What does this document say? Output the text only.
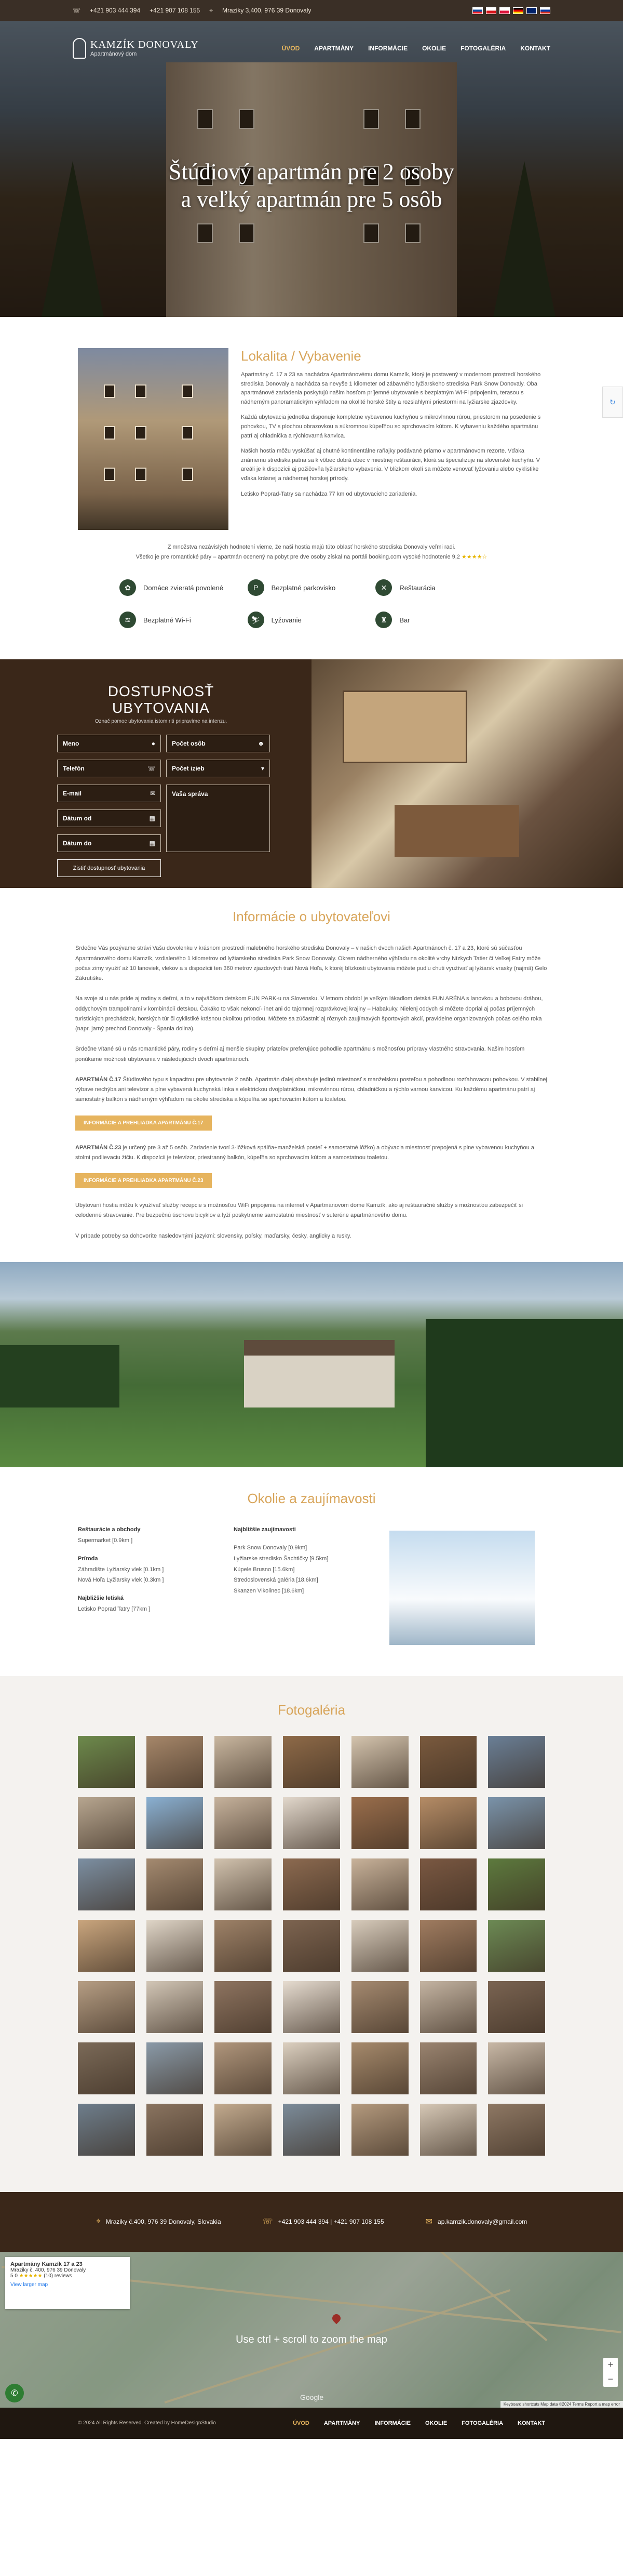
☏ +421 903 444 394 +421 907 108 155 ⌖ Mraziky 3,400, 976 39 Donovaly
KAMZÍK DONOVALY
Apartmánový dom
ÚVOD APARTMÁNY INFORMÁCIE OKOLIE FOTOGALÉRIA KONTAKT
Štúdiový apartmán pre 2 osoby
a veľký apartmán pre 5 osôb
↻
Lokalita / Vybavenie

Apartmány č. 17 a 23 sa nachádza Apartmánovému domu Kamzík, ktorý je postavený v modernom prostredí horského strediska Donovaly a nachádza sa nevyše 1 kilometer od zábavného lyžiarskeho strediska Park Snow Donovaly. Oba apartmánové zariadenia poskytujú našim hosťom príjemné ubytovanie s bezplatným Wi-Fi pripojením, terasou s nádherným panoramatickým výhľadom na okolité horské štíty a rozsiahlymi priestormi na lyžiarske zjazdovky.

Každá ubytovacia jednotka disponuje kompletne vybavenou kuchyňou s mikrovlnnou rúrou, priestorom na posedenie s pohovkou, TV s plochou obrazovkou a súkromnou kúpeľňou so sprchovacím kútom. K vybaveniu každého apartmánu patrí aj chladnička a rýchlovarná kanvica.

Našich hostia môžu vyskúšať aj chutné kontinentálne raňajky podávané priamo v apartmánovom rezorte. Vďaka známemu strediska patria sa k vôbec dobrá obec v miestnej reštaurácii, ktorá sa špecializuje na slovenské kuchyňu. V areáli je k dispozícii aj požičovňa lyžiarskeho vybavenia. V blízkom okolí sa môžete venovať lyžovaniu alebo cyklistike vďaka krásnej a nádhernej horskej prírody.

Letisko Poprad-Tatry sa nachádza 77 km od ubytovacieho zariadenia.

Z množstva nezávislých hodnotení vieme, že naši hostia majú túto oblasť horského strediska Donovaly veľmi radi.
Všetko je pre romantické páry – apartmán ocenený na pobyt pre dve osoby získal na portáli booking.com vysoké hodnotenie 9,2 ★★★★☆
✿	Domáce zvieratá povolené	P	Bezplatné parkovisko	✕	Reštaurácia
≋	Bezplatné Wi-Fi	⛷	Lyžovanie	♜	Bar
DOSTUPNOSŤ UBYTOVANIA
Označ pomoc ubytovania istom riti pripravíme na intenzu.
Meno	●	Počet osôb	☻
Telefón	☏	Počet izieb	▾
E-mail	✉	Vaša správa
Dátum od	▦
Dátum do	▦
Zistiť dostupnosť ubytovania
Informácie o ubytovateľovi

Srdečne Vás pozývame strávi Vašu dovolenku v krásnom prostredí malebného horského strediska Donovaly – v našich dvoch našich Apartmánoch č. 17 a 23, ktoré sú súčasťou Apartmánového domu Kamzík, vzdialeného 1 kilometrov od lyžiarskeho strediska Park Snow Donovaly. Okrem nádherného výhľadu na okolité vrchy Nízkych Tatier či Veľkej Fatry môže počas zimy využiť až 10 lanoviek, vlekov a s dispozícii ten 360 metrov zjazdových tratí Nová Hoľa, k ktoréj blízkosti ubytovania môžete pudlu chuti využívať aj lyžiarsk vrasky (najmä) Gelo Zákrutiške.

Na svoje si u nás príde aj rodiny s deťmi, a to v najväčšom detskom FUN PARK-u na Slovensku. V letnom období je veľkým lákadlom detská FUN ARÉNA s lanovkou a bobovou dráhou, oddychovým trampolínami v kombinácií detskou. Čakáko to však nekoncí- inet ani do tajomnej rozprávkovej krajiny – Habakuky. Nielenj oddych si môžete doprial aj počas príjemných turistických prechádzok, horských túr či cyklistiké krásnou okolitou prírodou. Môžete sa zúčastniť aj rôznych zaujímavých športových akcií, pravidelne organizovaných počas celého roka (napr. jarný prechod Donovaly - Špania dolina).

Srdečne vítané sú u nás romantické páry, rodiny s deťmi aj menšie skupiny priateľov preferujúce pohodlie apartmánu s možnosťou prípravy vlastného stravovania. Našim hosťom ponúkame možnosti ubytovania v následujúcich dvoch apartmánoch.

APARTMÁN Č.17 Štúdiového typu s kapacitou pre ubytovanie 2 osôb. Apartmán ďalej obsahuje jedinú miestnosť s manželskou posteľou a pohodlnou rozťahovacou pohovkou. V stabilnej výbave nechýba ani televízor a plne vybavená kuchynská linka s elektrickou dvojplatničkou, mikrovlnnou rúrou, chladničkou a rýchlo varnou kanvicou. Ku každému apartmánu patrí aj samostatný balkón s nádherným výhľadom na okolie strediska a kúpeľňa so sprchovacím kútom a toaletou.

INFORMÁCIE A PREHLIADKA APARTMÁNU Č.17

APARTMÁN Č.23 je určený pre 3 až 5 osôb. Zariadenie tvorí 3-lôžková spálňa+manželská posteľ + samostatné lôžko) a obývacia miestnosť prepojená s plne vybavenou kuchyňou a stolmi podlievaciu žičiu. K dispozícii je televízor, priestranný balkón, kúpeľňa so sprchovacím kútom a samostatnou toaletou.

INFORMÁCIE A PREHLIADKA APARTMÁNU Č.23

Ubytovaní hostia môžu k využívať služby recepcie s možnosťou WiFi pripojenia na internet v Apartmánovom dome Kamzík, ako aj reštauračné služby s možnosťou zabezpečiť si celodenné stravovanie. Pre bezpečnú úschovu bicyklov a lyží poskytneme samostatnú miestnosť v suteréne apartmánového domu.

V prípade potreby sa dohovoríte nasledovnými jazykmi: slovensky, poľsky, maďarsky, česky, anglicky a rusky.

Okolie a zaujímavosti
Reštaurácie a obchody
Supermarket [0.9km ]
Príroda
Záhradište Lyžiarsky vlek [0.1km ]
Nová Hoľa Lyžiarsky vlek [0.3km ]
Najbližšie letiská
Letisko Poprad Tatry [77km ]
Najbližšie zaujímavosti
Park Snow Donovaly [0.9km]
Lyžiarske stredisko Šachtičky [9.5km]
Kúpele Brusno [15.6km]
Stredoslovenská galéria [18.6km]
Skanzen Vlkolinec [18.6km]
Fotogaléria
⌖ Mraziky č.400, 976 39 Donovaly, Slovakia	☏ +421 903 444 394 | +421 907 108 155	✉ ap.kamzik.donovaly@gmail.com
Apartmány Kamzík 17 a 23
Mraziky č. 400, 976 39 Donovaly
5.0 ★★★★★ (10) reviews
View larger map
Use ctrl + scroll to zoom the map
+
−
Google
Keyboard shortcuts Map data ©2024 Terms Report a map error
✆
© 2024 All Rights Reserved. Created by HomeDesignStudio	ÚVOD	APARTMÁNY	INFORMÁCIE	OKOLIE	FOTOGALÉRIA	KONTAKT
